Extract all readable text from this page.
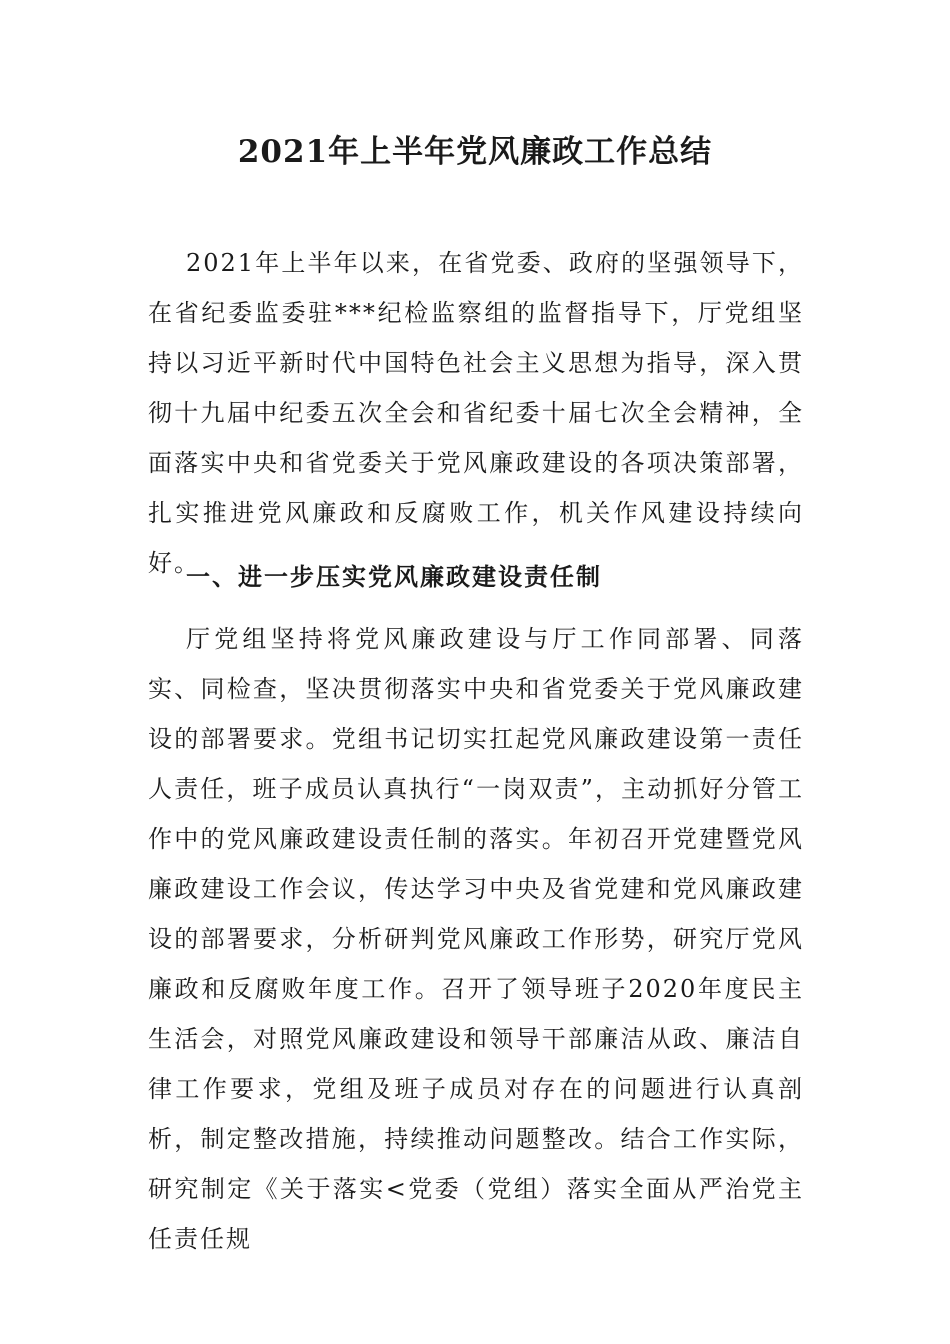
2021年上半年党风廉政工作总结

2021年上半年以来，在省党委、政府的坚强领导下，在省纪委监委驻***纪检监察组的监督指导下，厅党组坚持以习近平新时代中国特色社会主义思想为指导，深入贯彻十九届中纪委五次全会和省纪委十届七次全会精神，全面落实中央和省党委关于党风廉政建设的各项决策部署，扎实推进党风廉政和反腐败工作，机关作风建设持续向好。

一、进一步压实党风廉政建设责任制

厅党组坚持将党风廉政建设与厅工作同部署、同落实、同检查，坚决贯彻落实中央和省党委关于党风廉政建设的部署要求。党组书记切实扛起党风廉政建设第一责任人责任，班子成员认真执行“一岗双责”，主动抓好分管工作中的党风廉政建设责任制的落实。年初召开党建暨党风廉政建设工作会议，传达学习中央及省党建和党风廉政建设的部署要求，分析研判党风廉政工作形势，研究厅党风廉政和反腐败年度工作。召开了领导班子2020年度民主生活会，对照党风廉政建设和领导干部廉洁从政、廉洁自律工作要求，党组及班子成员对存在的问题进行认真剖析，制定整改措施，持续推动问题整改。结合工作实际，研究制定《关于落实<党委（党组）落实全面从严治党主任责任规
